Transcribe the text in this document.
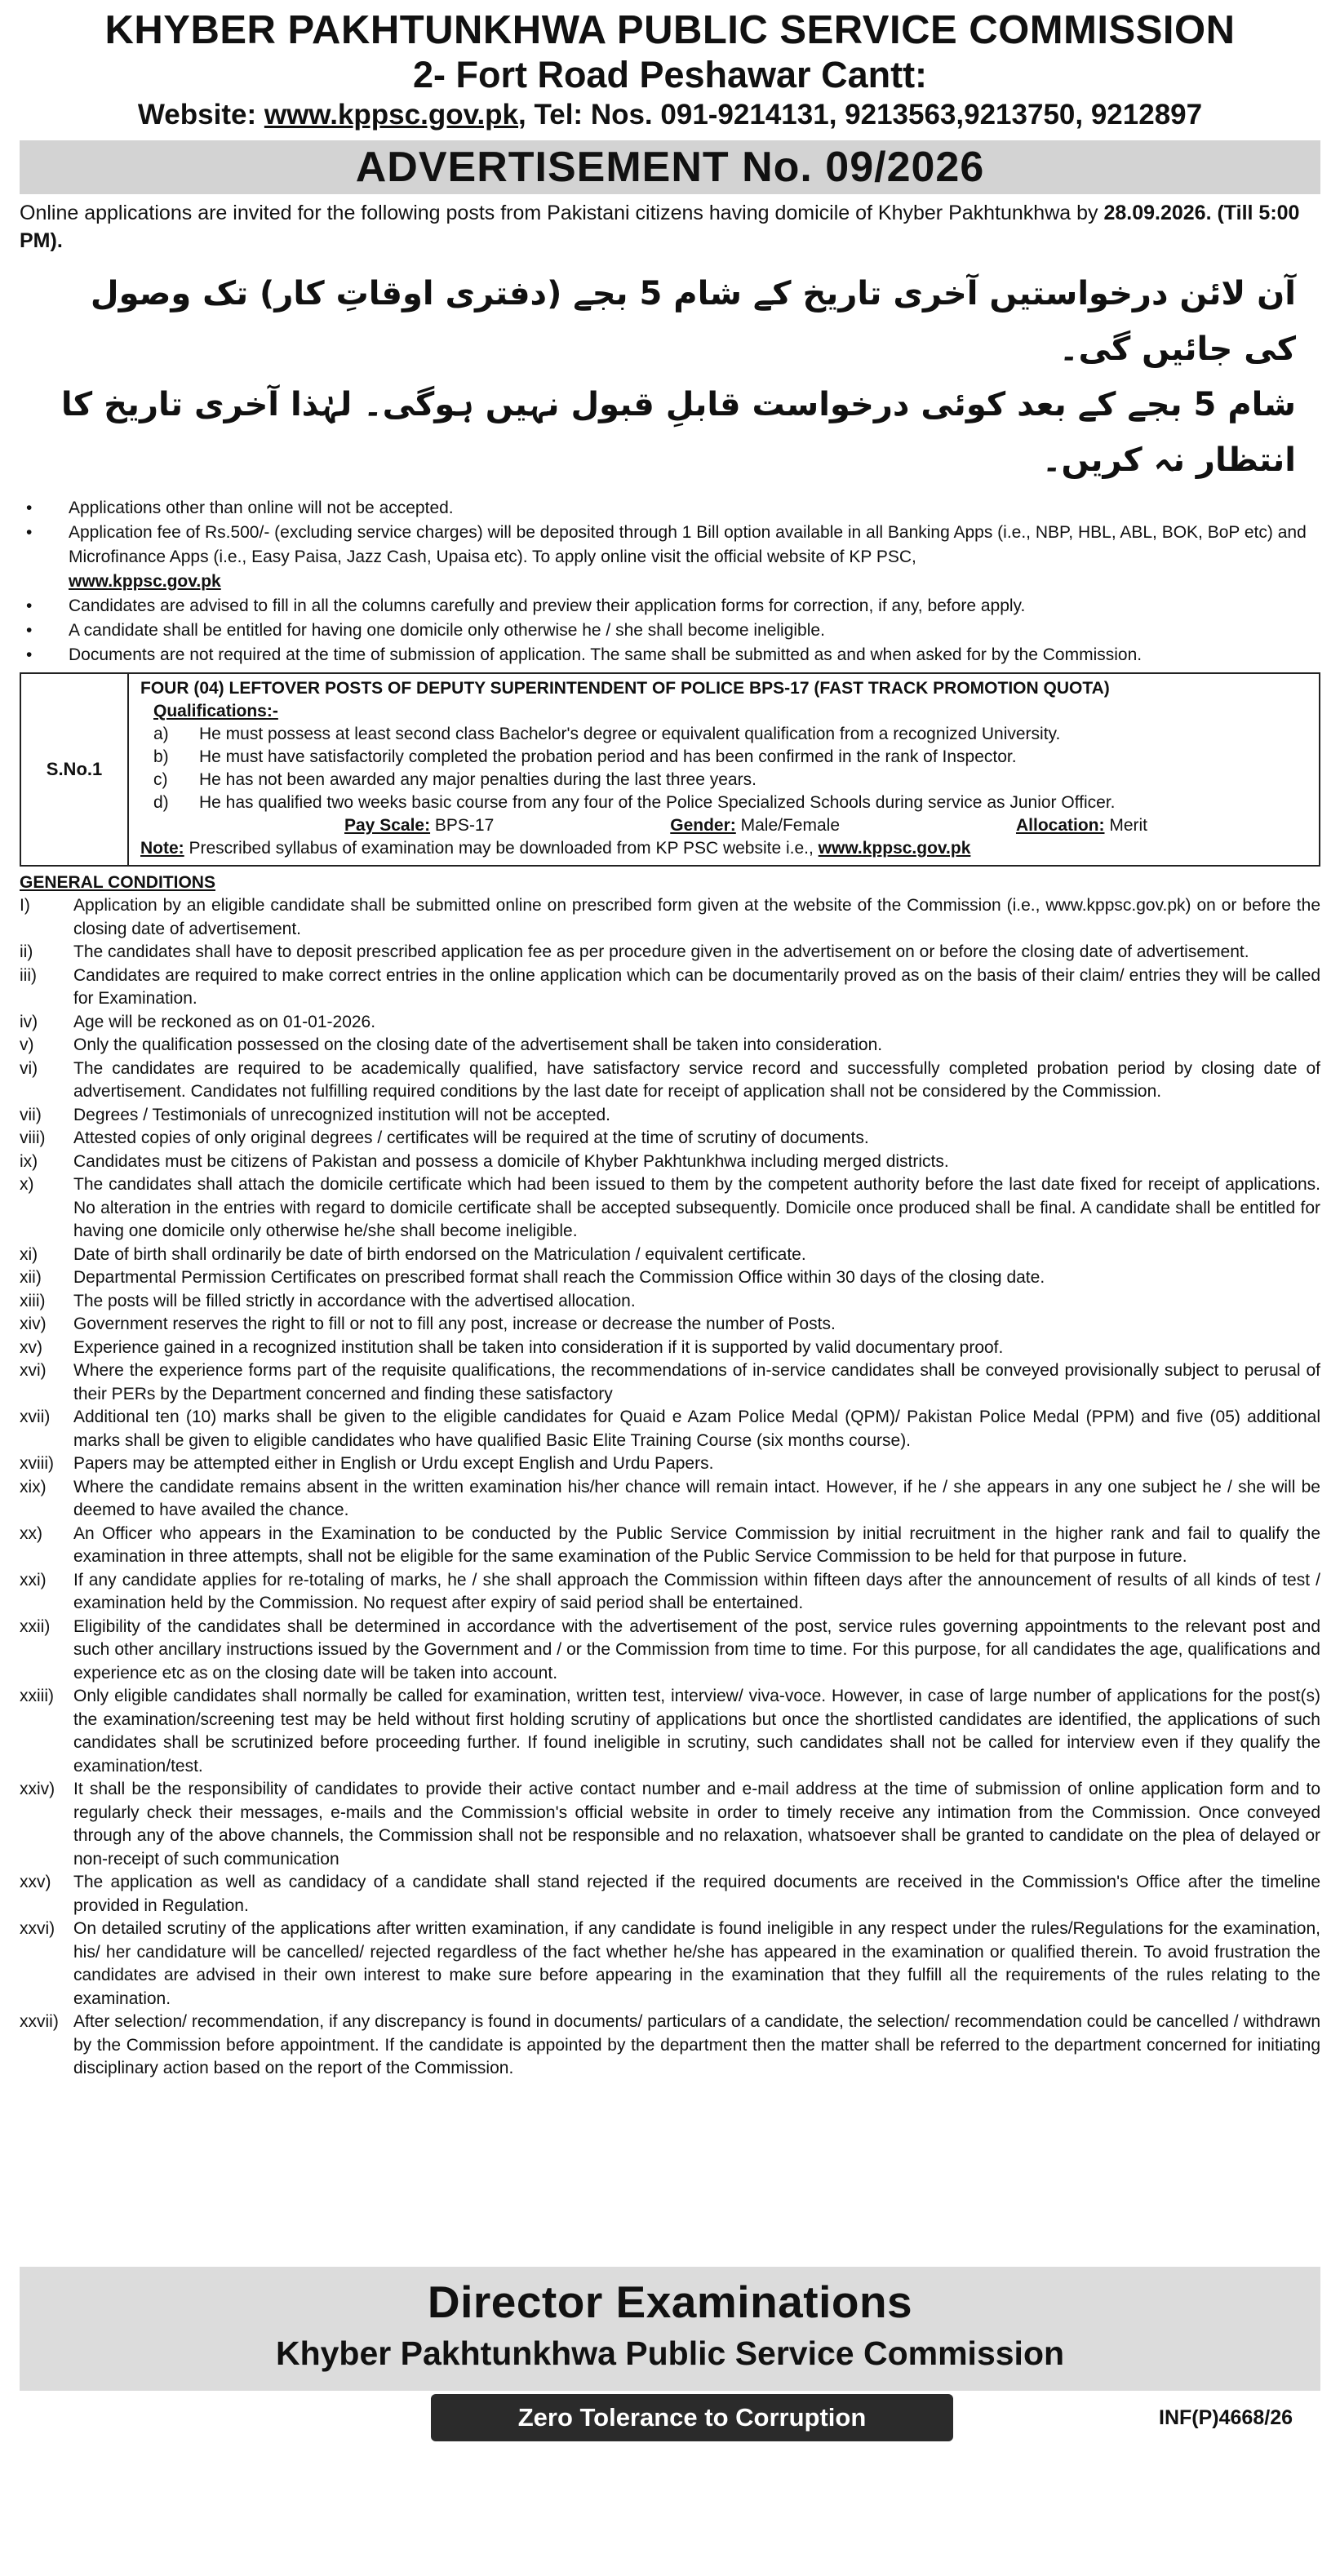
KHYBER PAKHTUNKHWA PUBLIC SERVICE COMMISSION
2- Fort Road Peshawar Cantt:
Website: www.kppsc.gov.pk, Tel: Nos. 091-9214131, 9213563,9213750, 9212897
ADVERTISEMENT No. 09/2026
Online applications are invited for the following posts from Pakistani citizens having domicile of Khyber Pakhtunkhwa by 28.09.2026. (Till 5:00 PM).
آن لائن درخواستیں آخری تاریخ کے شام 5 بجے (دفتری اوقاتِ کار) تک وصول کی جائیں گی۔
شام 5 بجے کے بعد کوئی درخواست قابلِ قبول نہیں ہوگی۔ لہٰذا آخری تاریخ کا انتظار نہ کریں۔
• Applications other than online will not be accepted.
• Application fee of Rs.500/- (excluding service charges) will be deposited through 1 Bill option available in all Banking Apps (i.e., NBP, HBL, ABL, BOK, BoP etc) and Microfinance Apps (i.e., Easy Paisa, Jazz Cash, Upaisa etc). To apply online visit the official website of KP PSC,
www.kppsc.gov.pk
• Candidates are advised to fill in all the columns carefully and preview their application forms for correction, if any, before apply.
• A candidate shall be entitled for having one domicile only otherwise he / she shall become ineligible.
• Documents are not required at the time of submission of application. The same shall be submitted as and when asked for by the Commission.
S.No.1	
FOUR (04) LEFTOVER POSTS OF DEPUTY SUPERINTENDENT OF POLICE BPS-17 (FAST TRACK PROMOTION QUOTA)
Qualifications:-
a)	He must possess at least second class Bachelor's degree or equivalent qualification from a recognized University.
b)	He must have satisfactorily completed the probation period and has been confirmed in the rank of Inspector.
c)	He has not been awarded any major penalties during the last three years.
d)	He has qualified two weeks basic course from any four of the Police Specialized Schools during service as Junior Officer.
Pay Scale: BPS-17	Gender: Male/Female	Allocation: Merit
Note: Prescribed syllabus of examination may be downloaded from KP PSC website i.e., www.kppsc.gov.pk
GENERAL CONDITIONS
I)	Application by an eligible candidate shall be submitted online on prescribed form given at the website of the Commission (i.e., www.kppsc.gov.pk) on or before the closing date of advertisement.
ii)	The candidates shall have to deposit prescribed application fee as per procedure given in the advertisement on or before the closing date of advertisement.
iii)	Candidates are required to make correct entries in the online application which can be documentarily proved as on the basis of their claim/ entries they will be called for Examination.
iv)	Age will be reckoned as on 01-01-2026.
v)	Only the qualification possessed on the closing date of the advertisement shall be taken into consideration.
vi)	The candidates are required to be academically qualified, have satisfactory service record and successfully completed probation period by closing date of advertisement. Candidates not fulfilling required conditions by the last date for receipt of application shall not be considered by the Commission.
vii)	Degrees / Testimonials of unrecognized institution will not be accepted.
viii)	Attested copies of only original degrees / certificates will be required at the time of scrutiny of documents.
ix)	Candidates must be citizens of Pakistan and possess a domicile of Khyber Pakhtunkhwa including merged districts.
x)	The candidates shall attach the domicile certificate which had been issued to them by the competent authority before the last date fixed for receipt of applications. No alteration in the entries with regard to domicile certificate shall be accepted subsequently. Domicile once produced shall be final. A candidate shall be entitled for having one domicile only otherwise he/she shall become ineligible.
xi)	Date of birth shall ordinarily be date of birth endorsed on the Matriculation / equivalent certificate.
xii)	Departmental Permission Certificates on prescribed format shall reach the Commission Office within 30 days of the closing date.
xiii)	The posts will be filled strictly in accordance with the advertised allocation.
xiv)	Government reserves the right to fill or not to fill any post, increase or decrease the number of Posts.
xv)	Experience gained in a recognized institution shall be taken into consideration if it is supported by valid documentary proof.
xvi)	Where the experience forms part of the requisite qualifications, the recommendations of in-service candidates shall be conveyed provisionally subject to perusal of their PERs by the Department concerned and finding these satisfactory
xvii)	Additional ten (10) marks shall be given to the eligible candidates for Quaid e Azam Police Medal (QPM)/ Pakistan Police Medal (PPM) and five (05) additional marks shall be given to eligible candidates who have qualified Basic Elite Training Course (six months course).
xviii)	Papers may be attempted either in English or Urdu except English and Urdu Papers.
xix)	Where the candidate remains absent in the written examination his/her chance will remain intact. However, if he / she appears in any one subject he / she will be deemed to have availed the chance.
xx)	An Officer who appears in the Examination to be conducted by the Public Service Commission by initial recruitment in the higher rank and fail to qualify the examination in three attempts, shall not be eligible for the same examination of the Public Service Commission to be held for that purpose in future.
xxi)	If any candidate applies for re-totaling of marks, he / she shall approach the Commission within fifteen days after the announcement of results of all kinds of test / examination held by the Commission. No request after expiry of said period shall be entertained.
xxii)	Eligibility of the candidates shall be determined in accordance with the advertisement of the post, service rules governing appointments to the relevant post and such other ancillary instructions issued by the Government and / or the Commission from time to time. For this purpose, for all candidates the age, qualifications and experience etc as on the closing date will be taken into account.
xxiii)	Only eligible candidates shall normally be called for examination, written test, interview/ viva-voce. However, in case of large number of applications for the post(s) the examination/screening test may be held without first holding scrutiny of applications but once the shortlisted candidates are identified, the applications of such candidates shall be scrutinized before proceeding further. If found ineligible in scrutiny, such candidates shall not be called for interview even if they qualify the examination/test.
xxiv)	It shall be the responsibility of candidates to provide their active contact number and e-mail address at the time of submission of online application form and to regularly check their messages, e-mails and the Commission's official website in order to timely receive any intimation from the Commission. Once conveyed through any of the above channels, the Commission shall not be responsible and no relaxation, whatsoever shall be granted to candidate on the plea of delayed or non-receipt of such communication
xxv)	The application as well as candidacy of a candidate shall stand rejected if the required documents are received in the Commission's Office after the timeline provided in Regulation.
xxvi)	On detailed scrutiny of the applications after written examination, if any candidate is found ineligible in any respect under the rules/Regulations for the examination, his/ her candidature will be cancelled/ rejected regardless of the fact whether he/she has appeared in the examination or qualified therein. To avoid frustration the candidates are advised in their own interest to make sure before appearing in the examination that they fulfill all the requirements of the rules relating to the examination.
xxvii) After selection/ recommendation, if any discrepancy is found in documents/ particulars of a candidate, the selection/ recommendation could be cancelled / withdrawn by the Commission before appointment. If the candidate is appointed by the department then the matter shall be referred to the department concerned for initiating disciplinary action based on the report of the Commission.
Director Examinations
Khyber Pakhtunkhwa Public Service Commission
Zero Tolerance to Corruption	INF(P)4668/26
